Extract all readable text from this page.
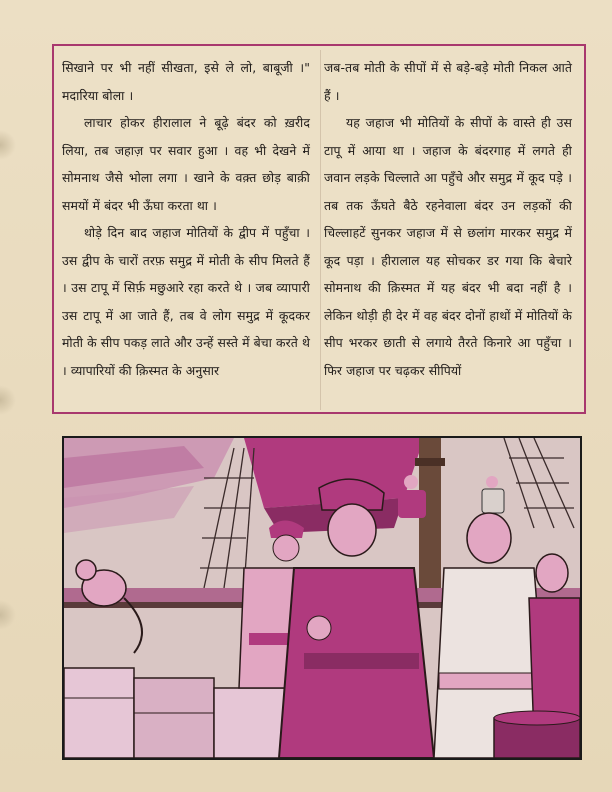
सिखाने पर भी नहीं सीखता, इसे ले लो, बाबूजी ।" मदारिया बोला ।

लाचार होकर हीरालाल ने बूढ़े बंदर को ख़रीद लिया, तब जहाज़ पर सवार हुआ । वह भी देखने में सोमनाथ जैसे भोला लगा । खाने के वक़्त छोड़ बाक़ी समयों में बंदर भी ऊँघा करता था ।

थोड़े दिन बाद जहाज मोतियों के द्वीप में पहुँचा । उस द्वीप के चारों तरफ़ समुद्र में मोती के सीप मिलते हैं । उस टापू में सिर्फ़ मछुआरे रहा करते थे । जब व्यापारी उस टापू में आ जाते हैं, तब वे लोग समुद्र में कूदकर मोती के सीप पकड़ लाते और उन्हें सस्ते में बेचा करते थे । व्यापारियों की क़िस्मत के अनुसार

जब-तब मोती के सीपों में से बड़े-बड़े मोती निकल आते हैं ।

यह जहाज भी मोतियों के सीपों के वास्ते ही उस टापू में आया था । जहाज के बंदरगाह में लगते ही जवान लड़के चिल्लाते आ पहुँचे और समुद्र में कूद पड़े । तब तक ऊँघते बैठे रहनेवाला बंदर उन लड़कों की चिल्लाहटें सुनकर जहाज में से छलांग मारकर समुद्र में कूद पड़ा । हीरालाल यह सोचकर डर गया कि बेचारे सोमनाथ की क़िस्मत में यह बंदर भी बदा नहीं है । लेकिन थोड़ी ही देर में वह बंदर दोनों हाथों में मोतियों के सीप भरकर छाती से लगाये तैरते किनारे आ पहुँचा । फिर जहाज पर चढ़कर सीपियों
